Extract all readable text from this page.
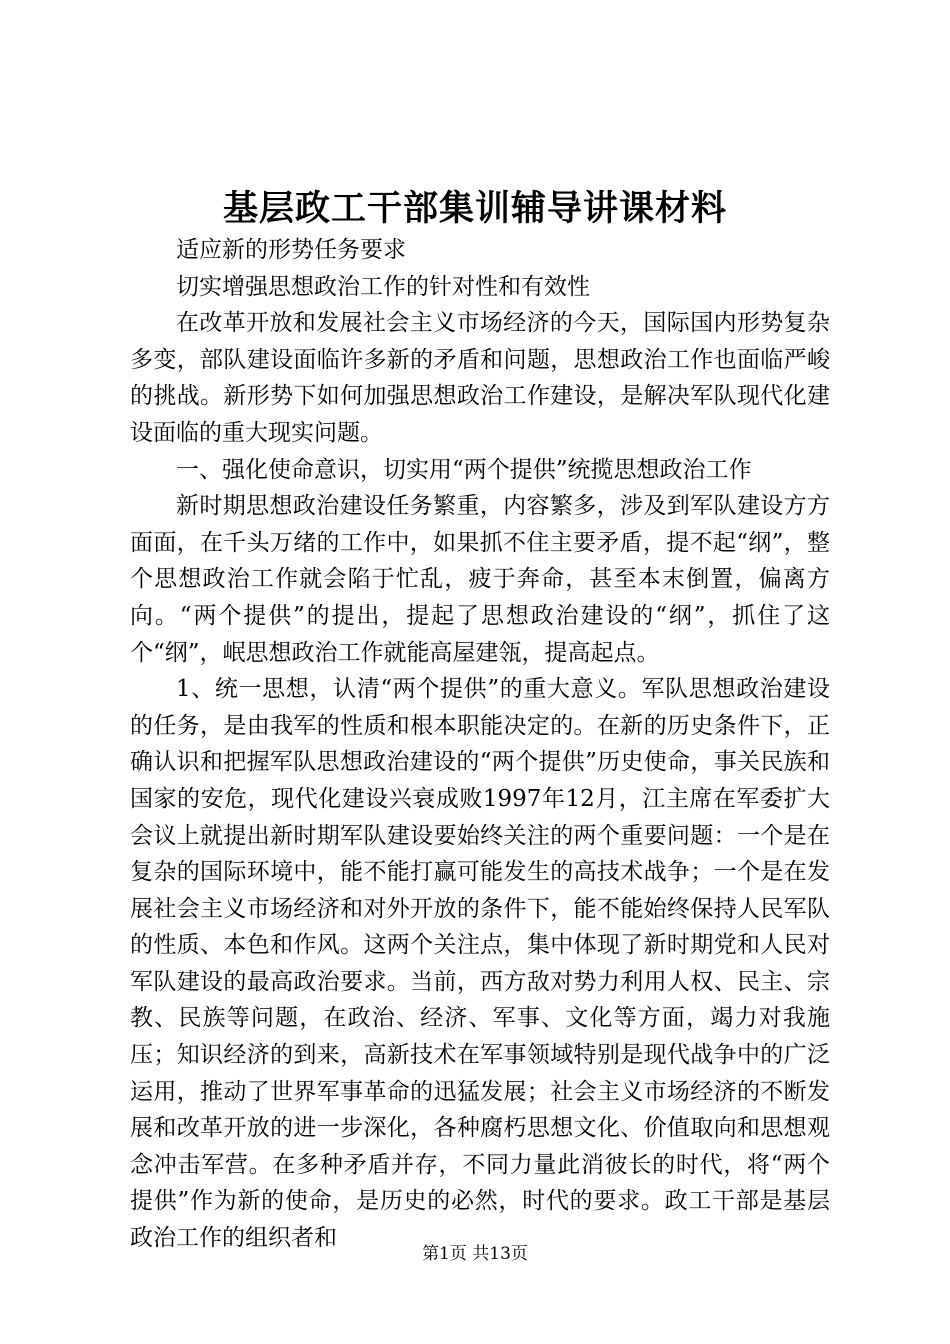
基层政工干部集训辅导讲课材料

适应新的形势任务要求

切实增强思想政治工作的针对性和有效性

在改革开放和发展社会主义市场经济的今天，国际国内形势复杂多变，部队建设面临许多新的矛盾和问题，思想政治工作也面临严峻的挑战。新形势下如何加强思想政治工作建设，是解决军队现代化建设面临的重大现实问题。

一、强化使命意识，切实用“两个提供”统揽思想政治工作

新时期思想政治建设任务繁重，内容繁多，涉及到军队建设方方面面，在千头万绪的工作中，如果抓不住主要矛盾，提不起“纲”，整个思想政治工作就会陷于忙乱，疲于奔命，甚至本末倒置，偏离方向。“两个提供”的提出，提起了思想政治建设的“纲”，抓住了这个“纲”，岷思想政治工作就能高屋建瓴，提高起点。

1、统一思想，认清“两个提供”的重大意义。军队思想政治建设的任务，是由我军的性质和根本职能决定的。在新的历史条件下，正确认识和把握军队思想政治建设的“两个提供”历史使命，事关民族和国家的安危，现代化建设兴衰成败1997年12月，江主席在军委扩大会议上就提出新时期军队建设要始终关注的两个重要问题：一个是在复杂的国际环境中，能不能打赢可能发生的高技术战争；一个是在发展社会主义市场经济和对外开放的条件下，能不能始终保持人民军队的性质、本色和作风。这两个关注点，集中体现了新时期党和人民对军队建设的最高政治要求。当前，西方敌对势力利用人权、民主、宗教、民族等问题，在政治、经济、军事、文化等方面，竭力对我施压；知识经济的到来，高新技术在军事领域特别是现代战争中的广泛运用，推动了世界军事革命的迅猛发展；社会主义市场经济的不断发展和改革开放的进一步深化，各种腐朽思想文化、价值取向和思想观念冲击军营。在多种矛盾并存，不同力量此消彼长的时代，将“两个提供”作为新的使命，是历史的必然，时代的要求。政工干部是基层政治工作的组织者和

第1页 共13页
